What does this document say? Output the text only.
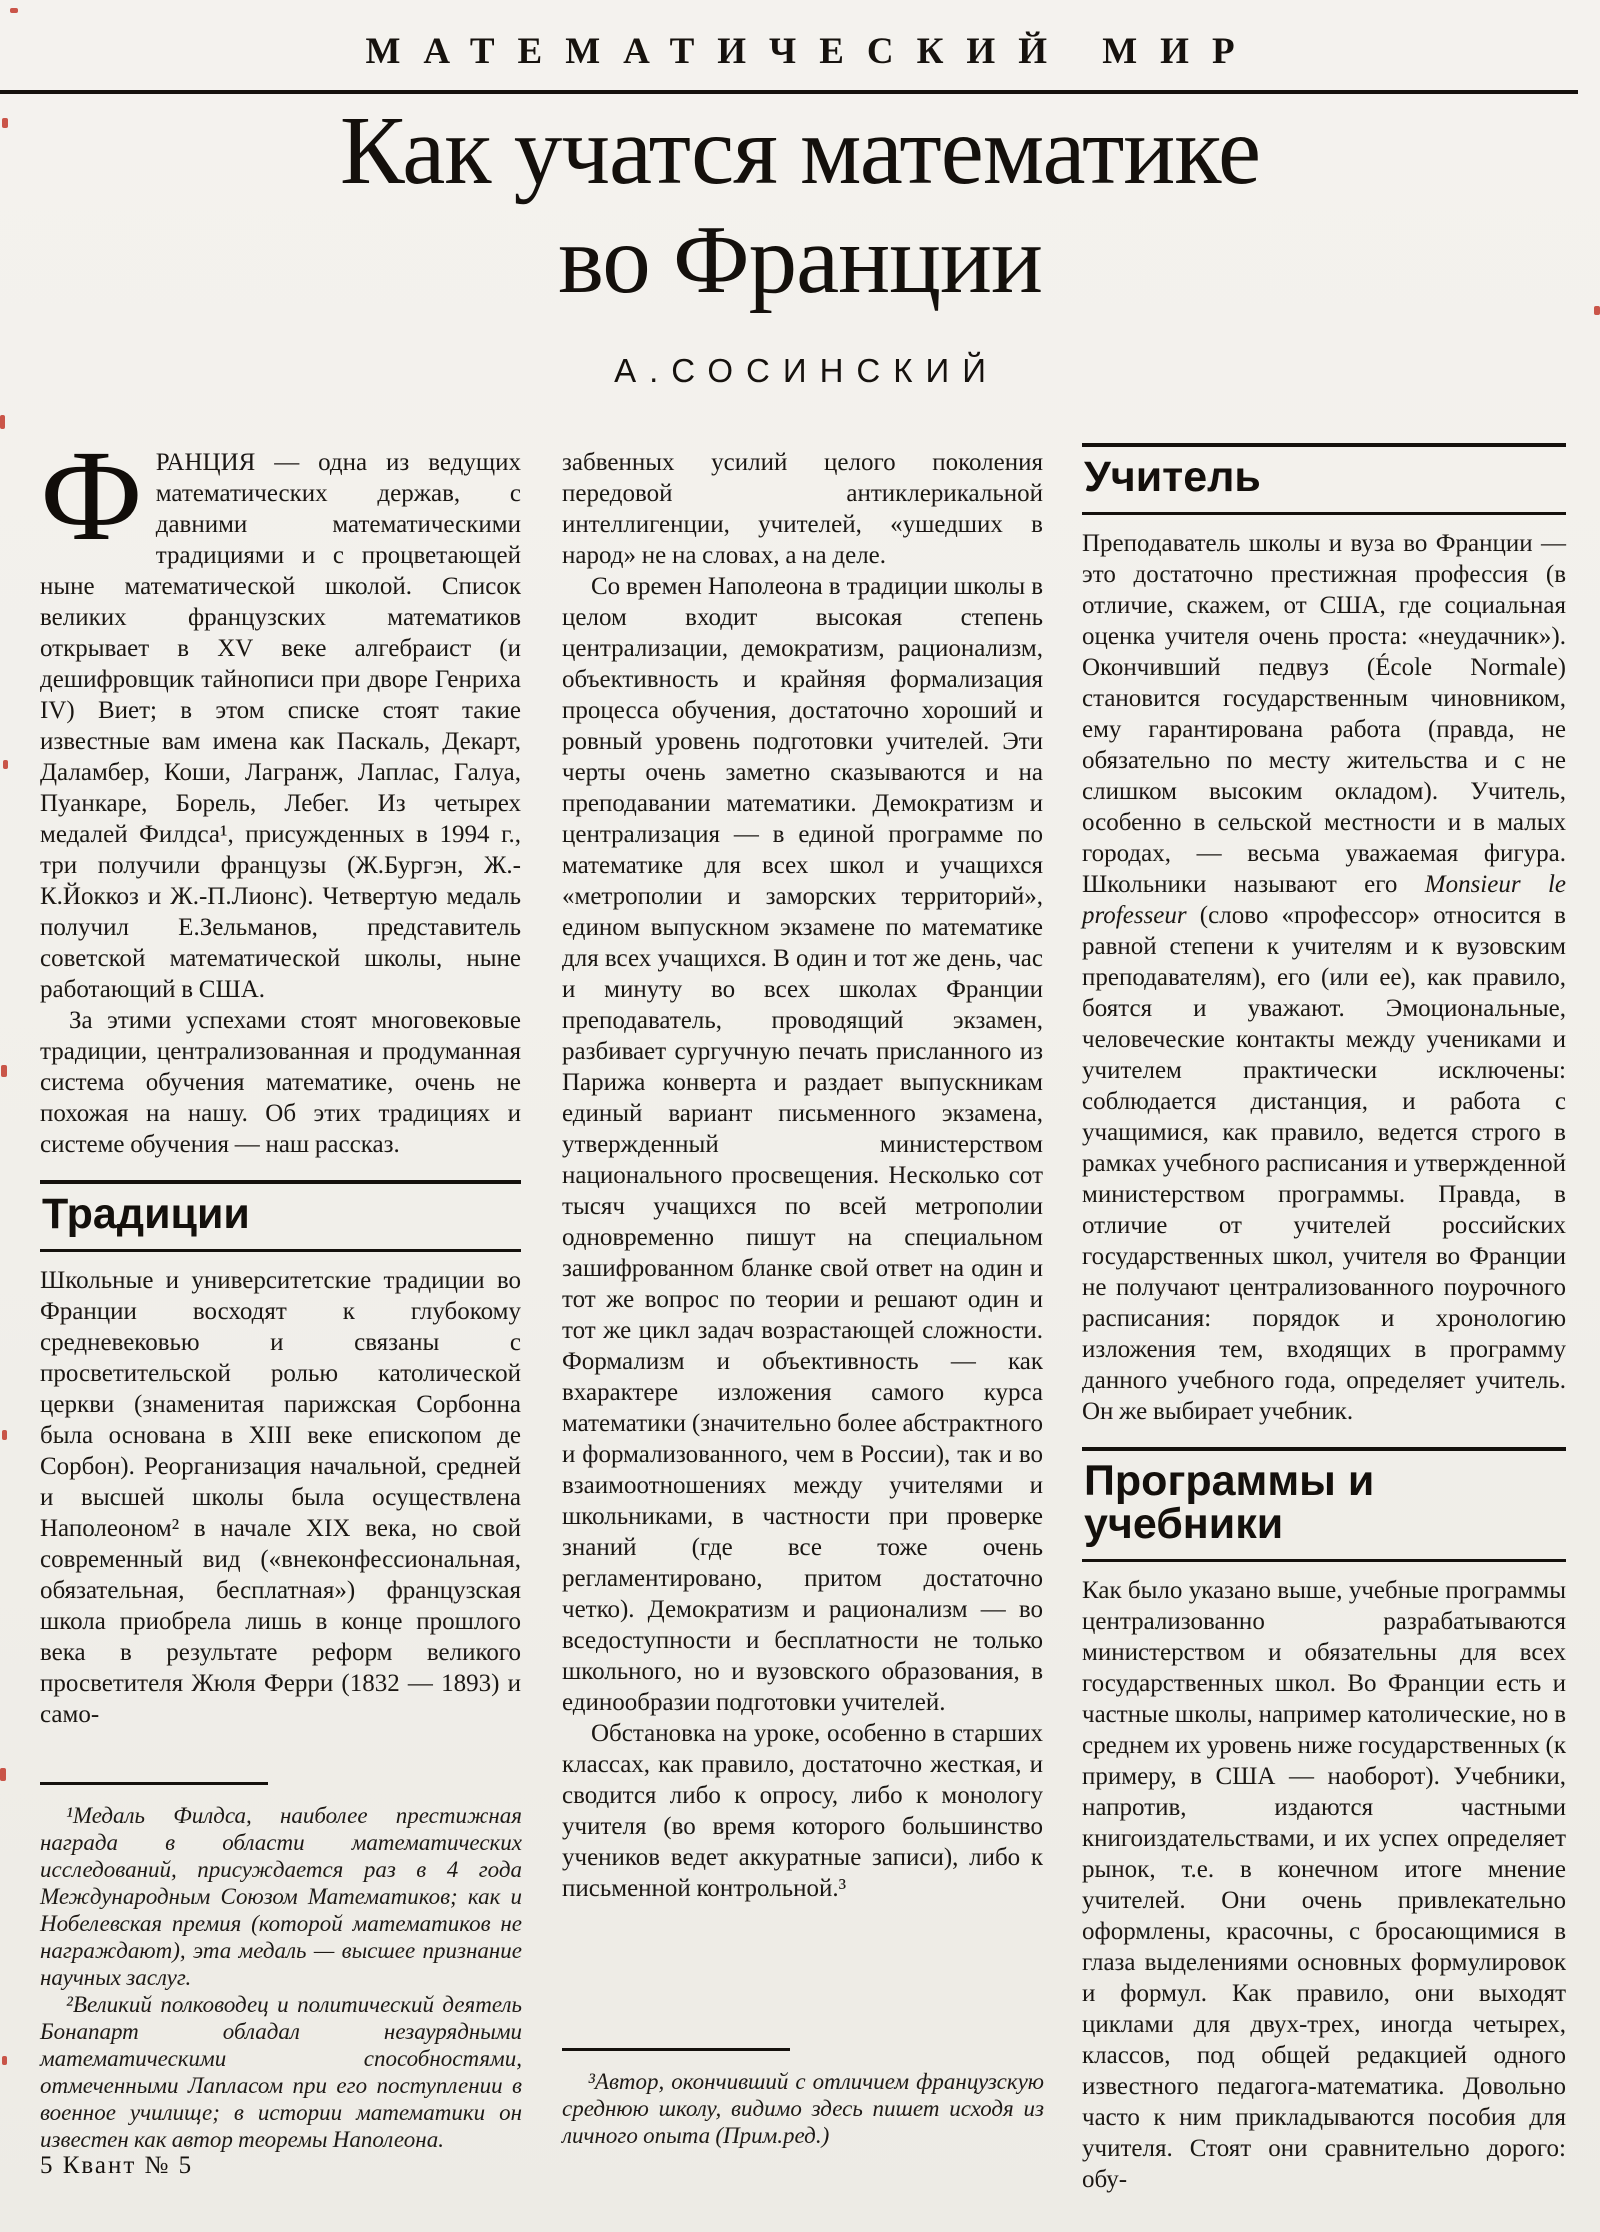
МАТЕМАТИЧЕСКИЙ МИР
Как учатся математике
во Франции
А.СОСИНСКИЙ

ФРАНЦИЯ — одна из ведущих математических держав, с давними математическими традициями и с процветающей ныне математической школой. Список великих французских математиков открывает в XV веке алгебраист (и дешифровщик тайнописи при дворе Генриха IV) Виет; в этом списке стоят такие известные вам имена как Паскаль, Декарт, Даламбер, Коши, Лагранж, Лаплас, Галуа, Пуанкаре, Борель, Лебег. Из четырех медалей Филдса¹, присужденных в 1994 г., три получили французы (Ж.Бургэн, Ж.-К.Йоккоз и Ж.-П.Лионс). Четвертую медаль получил Е.Зельманов, представитель советской математической школы, ныне работающий в США.

За этими успехами стоят многовековые традиции, централизованная и продуманная система обучения математике, очень не похожая на нашу. Об этих традициях и системе обучения — наш рассказ.

Традиции

Школьные и университетские традиции во Франции восходят к глубокому средневековью и связаны с просветительской ролью католической церкви (знаменитая парижская Сорбонна была основана в XIII веке епископом де Сорбон). Реорганизация начальной, средней и высшей школы была осуществлена Наполеоном² в начале XIX века, но свой современный вид («внеконфессиональная, обязательная, бесплатная») французская школа приобрела лишь в конце прошлого века в результате реформ великого просветителя Жюля Ферри (1832 — 1893) и само-

забвенных усилий целого поколения передовой антиклерикальной интеллигенции, учителей, «ушедших в народ» не на словах, а на деле.

Со времен Наполеона в традиции школы в целом входит высокая степень централизации, демократизм, рационализм, объективность и крайняя формализация процесса обучения, достаточно хороший и ровный уровень подготовки учителей. Эти черты очень заметно сказываются и на преподавании математики. Демократизм и централизация — в единой программе по математике для всех школ и учащихся «метрополии и заморских территорий», едином выпускном экзамене по математике для всех учащихся. В один и тот же день, час и минуту во всех школах Франции преподаватель, проводящий экзамен, разбивает сургучную печать присланного из Парижа конверта и раздает выпускникам единый вариант письменного экзамена, утвержденный министерством национального просвещения. Несколько сот тысяч учащихся по всей метрополии одновременно пишут на специальном зашифрованном бланке свой ответ на один и тот же вопрос по теории и решают один и тот же цикл задач возрастающей сложности. Формализм и объективность — как вхарактере изложения самого курса математики (значительно более абстрактного и формализованного, чем в России), так и во взаимоотношениях между учителями и школьниками, в частности при проверке знаний (где все тоже очень регламентировано, притом достаточно четко). Демократизм и рационализм — во вседоступности и бесплатности не только школьного, но и вузовского образования, в единообразии подготовки учителей.

Обстановка на уроке, особенно в старших классах, как правило, достаточно жесткая, и сводится либо к опросу, либо к монологу учителя (во время которого большинство учеников ведет аккуратные записи), либо к письменной контрольной.³

Учитель

Преподаватель школы и вуза во Франции — это достаточно престижная профессия (в отличие, скажем, от США, где социальная оценка учителя очень проста: «неудачник»). Окончивший педвуз (École Normale) становится государственным чиновником, ему гарантирована работа (правда, не обязательно по месту жительства и с не слишком высоким окладом). Учитель, особенно в сельской местности и в малых городах, — весьма уважаемая фигура. Школьники называют его Monsieur le professeur (слово «профессор» относится в равной степени к учителям и к вузовским преподавателям), его (или ее), как правило, боятся и уважают. Эмоциональные, человеческие контакты между учениками и учителем практически исключены: соблюдается дистанция, и работа с учащимися, как правило, ведется строго в рамках учебного расписания и утвержденной министерством программы. Правда, в отличие от учителей российских государственных школ, учителя во Франции не получают централизованного поурочного расписания: порядок и хронологию изложения тем, входящих в программу данного учебного года, определяет учитель. Он же выбирает учебник.

Программы и учебники

Как было указано выше, учебные программы централизованно разрабатываются министерством и обязательны для всех государственных школ. Во Франции есть и частные школы, например католические, но в среднем их уровень ниже государственных (к примеру, в США — наоборот). Учебники, напротив, издаются частными книгоиздательствами, и их успех определяет рынок, т.е. в конечном итоге мнение учителей. Они очень привлекательно оформлены, красочны, с бросающимися в глаза выделениями основных формулировок и формул. Как правило, они выходят циклами для двух-трех, иногда четырех, классов, под общей редакцией одного известного педагога-математика. Довольно часто к ним прикладываются пособия для учителя. Стоят они сравнительно дорого: обу-

¹Медаль Филдса, наиболее престижная награда в области математических исследований, присуждается раз в 4 года Международным Союзом Математиков; как и Нобелевская премия (которой математиков не награждают), эта медаль — высшее признание научных заслуг.

²Великий полководец и политический деятель Бонапарт обладал незаурядными математическими способностями, отмеченными Лапласом при его поступлении в военное училище; в истории математики он известен как автор теоремы Наполеона.

³Автор, окончивший с отличием французскую среднюю школу, видимо здесь пишет исходя из личного опыта (Прим.ред.)

5 Квант № 5
